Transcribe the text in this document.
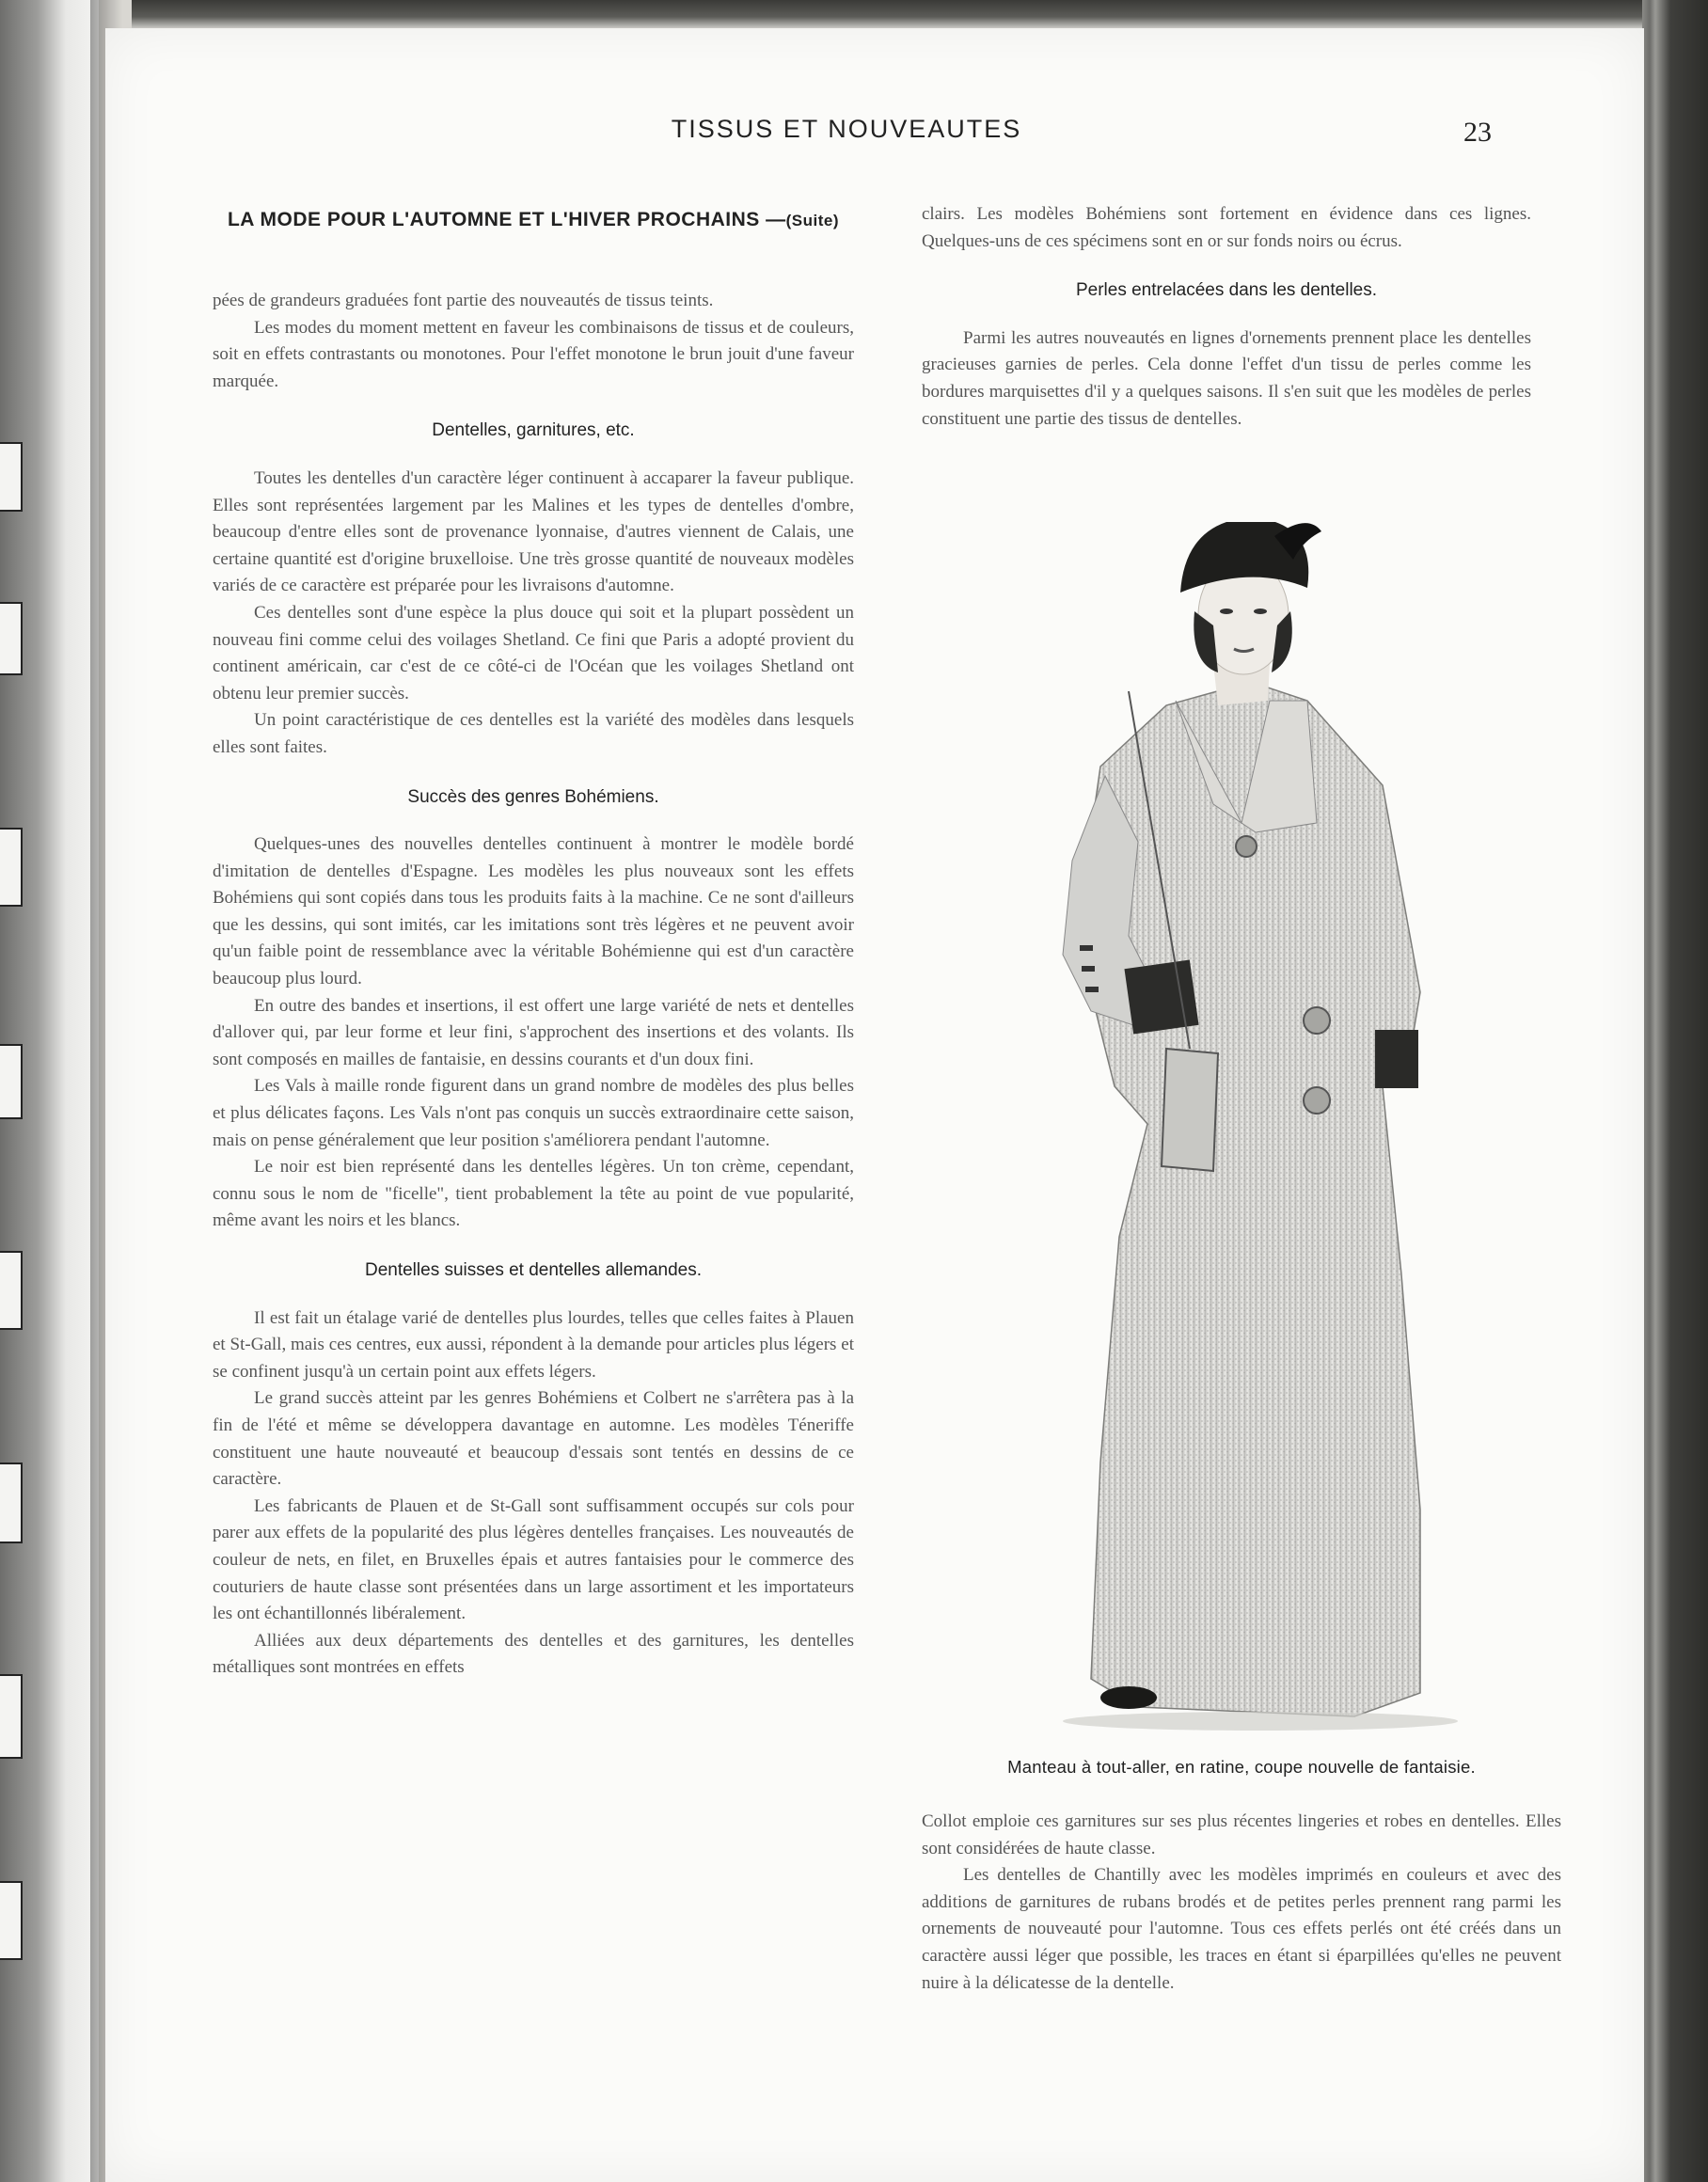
TISSUS ET NOUVEAUTES	23
LA MODE POUR L'AUTOMNE ET L'HIVER PROCHAINS —(Suite)

pées de grandeurs graduées font partie des nouveautés de tissus teints.

Les modes du moment mettent en faveur les combinaisons de tissus et de couleurs, soit en effets contrastants ou monotones. Pour l'effet monotone le brun jouit d'une faveur marquée.

Dentelles, garnitures, etc.

Toutes les dentelles d'un caractère léger continuent à accaparer la faveur publique. Elles sont représentées largement par les Malines et les types de dentelles d'ombre, beaucoup d'entre elles sont de provenance lyonnaise, d'autres viennent de Calais, une certaine quantité est d'origine bruxelloise. Une très grosse quantité de nouveaux modèles variés de ce caractère est préparée pour les livraisons d'automne.

Ces dentelles sont d'une espèce la plus douce qui soit et la plupart possèdent un nouveau fini comme celui des voilages Shetland. Ce fini que Paris a adopté provient du continent américain, car c'est de ce côté-ci de l'Océan que les voilages Shetland ont obtenu leur premier succès.

Un point caractéristique de ces dentelles est la variété des modèles dans lesquels elles sont faites.

Succès des genres Bohémiens.

Quelques-unes des nouvelles dentelles continuent à montrer le modèle bordé d'imitation de dentelles d'Espagne. Les modèles les plus nouveaux sont les effets Bohémiens qui sont copiés dans tous les produits faits à la machine. Ce ne sont d'ailleurs que les dessins, qui sont imités, car les imitations sont très légères et ne peuvent avoir qu'un faible point de ressemblance avec la véritable Bohémienne qui est d'un caractère beaucoup plus lourd.

En outre des bandes et insertions, il est offert une large variété de nets et dentelles d'allover qui, par leur forme et leur fini, s'approchent des insertions et des volants. Ils sont composés en mailles de fantaisie, en dessins courants et d'un doux fini.

Les Vals à maille ronde figurent dans un grand nombre de modèles des plus belles et plus délicates façons. Les Vals n'ont pas conquis un succès extraordinaire cette saison, mais on pense généralement que leur position s'améliorera pendant l'automne.

Le noir est bien représenté dans les dentelles légères. Un ton crème, cependant, connu sous le nom de "ficelle", tient probablement la tête au point de vue popularité, même avant les noirs et les blancs.

Dentelles suisses et dentelles allemandes.

Il est fait un étalage varié de dentelles plus lourdes, telles que celles faites à Plauen et St-Gall, mais ces centres, eux aussi, répondent à la demande pour articles plus légers et se confinent jusqu'à un certain point aux effets légers.

Le grand succès atteint par les genres Bohémiens et Colbert ne s'arrêtera pas à la fin de l'été et même se développera davantage en automne. Les modèles Téneriffe constituent une haute nouveauté et beaucoup d'essais sont tentés en dessins de ce caractère.

Les fabricants de Plauen et de St-Gall sont suffisamment occupés sur cols pour parer aux effets de la popularité des plus légères dentelles françaises. Les nouveautés de couleur de nets, en filet, en Bruxelles épais et autres fantaisies pour le commerce des couturiers de haute classe sont présentées dans un large assortiment et les importateurs les ont échantillonnés libéralement.

Alliées aux deux départements des dentelles et des garnitures, les dentelles métalliques sont montrées en effets

clairs. Les modèles Bohémiens sont fortement en évidence dans ces lignes. Quelques-uns de ces spécimens sont en or sur fonds noirs ou écrus.

Perles entrelacées dans les dentelles.

Parmi les autres nouveautés en lignes d'ornements prennent place les dentelles gracieuses garnies de perles. Cela donne l'effet d'un tissu de perles comme les bordures marquisettes d'il y a quelques saisons. Il s'en suit que les modèles de perles constituent une partie des tissus de dentelles.

Manteau à tout-aller, en ratine, coupe nouvelle de fantaisie.

Collot emploie ces garnitures sur ses plus récentes lingeries et robes en dentelles. Elles sont considérées de haute classe.

Les dentelles de Chantilly avec les modèles imprimés en couleurs et avec des additions de garnitures de rubans brodés et de petites perles prennent rang parmi les ornements de nouveauté pour l'automne. Tous ces effets perlés ont été créés dans un caractère aussi léger que possible, les traces en étant si éparpillées qu'elles ne peuvent nuire à la délicatesse de la dentelle.
